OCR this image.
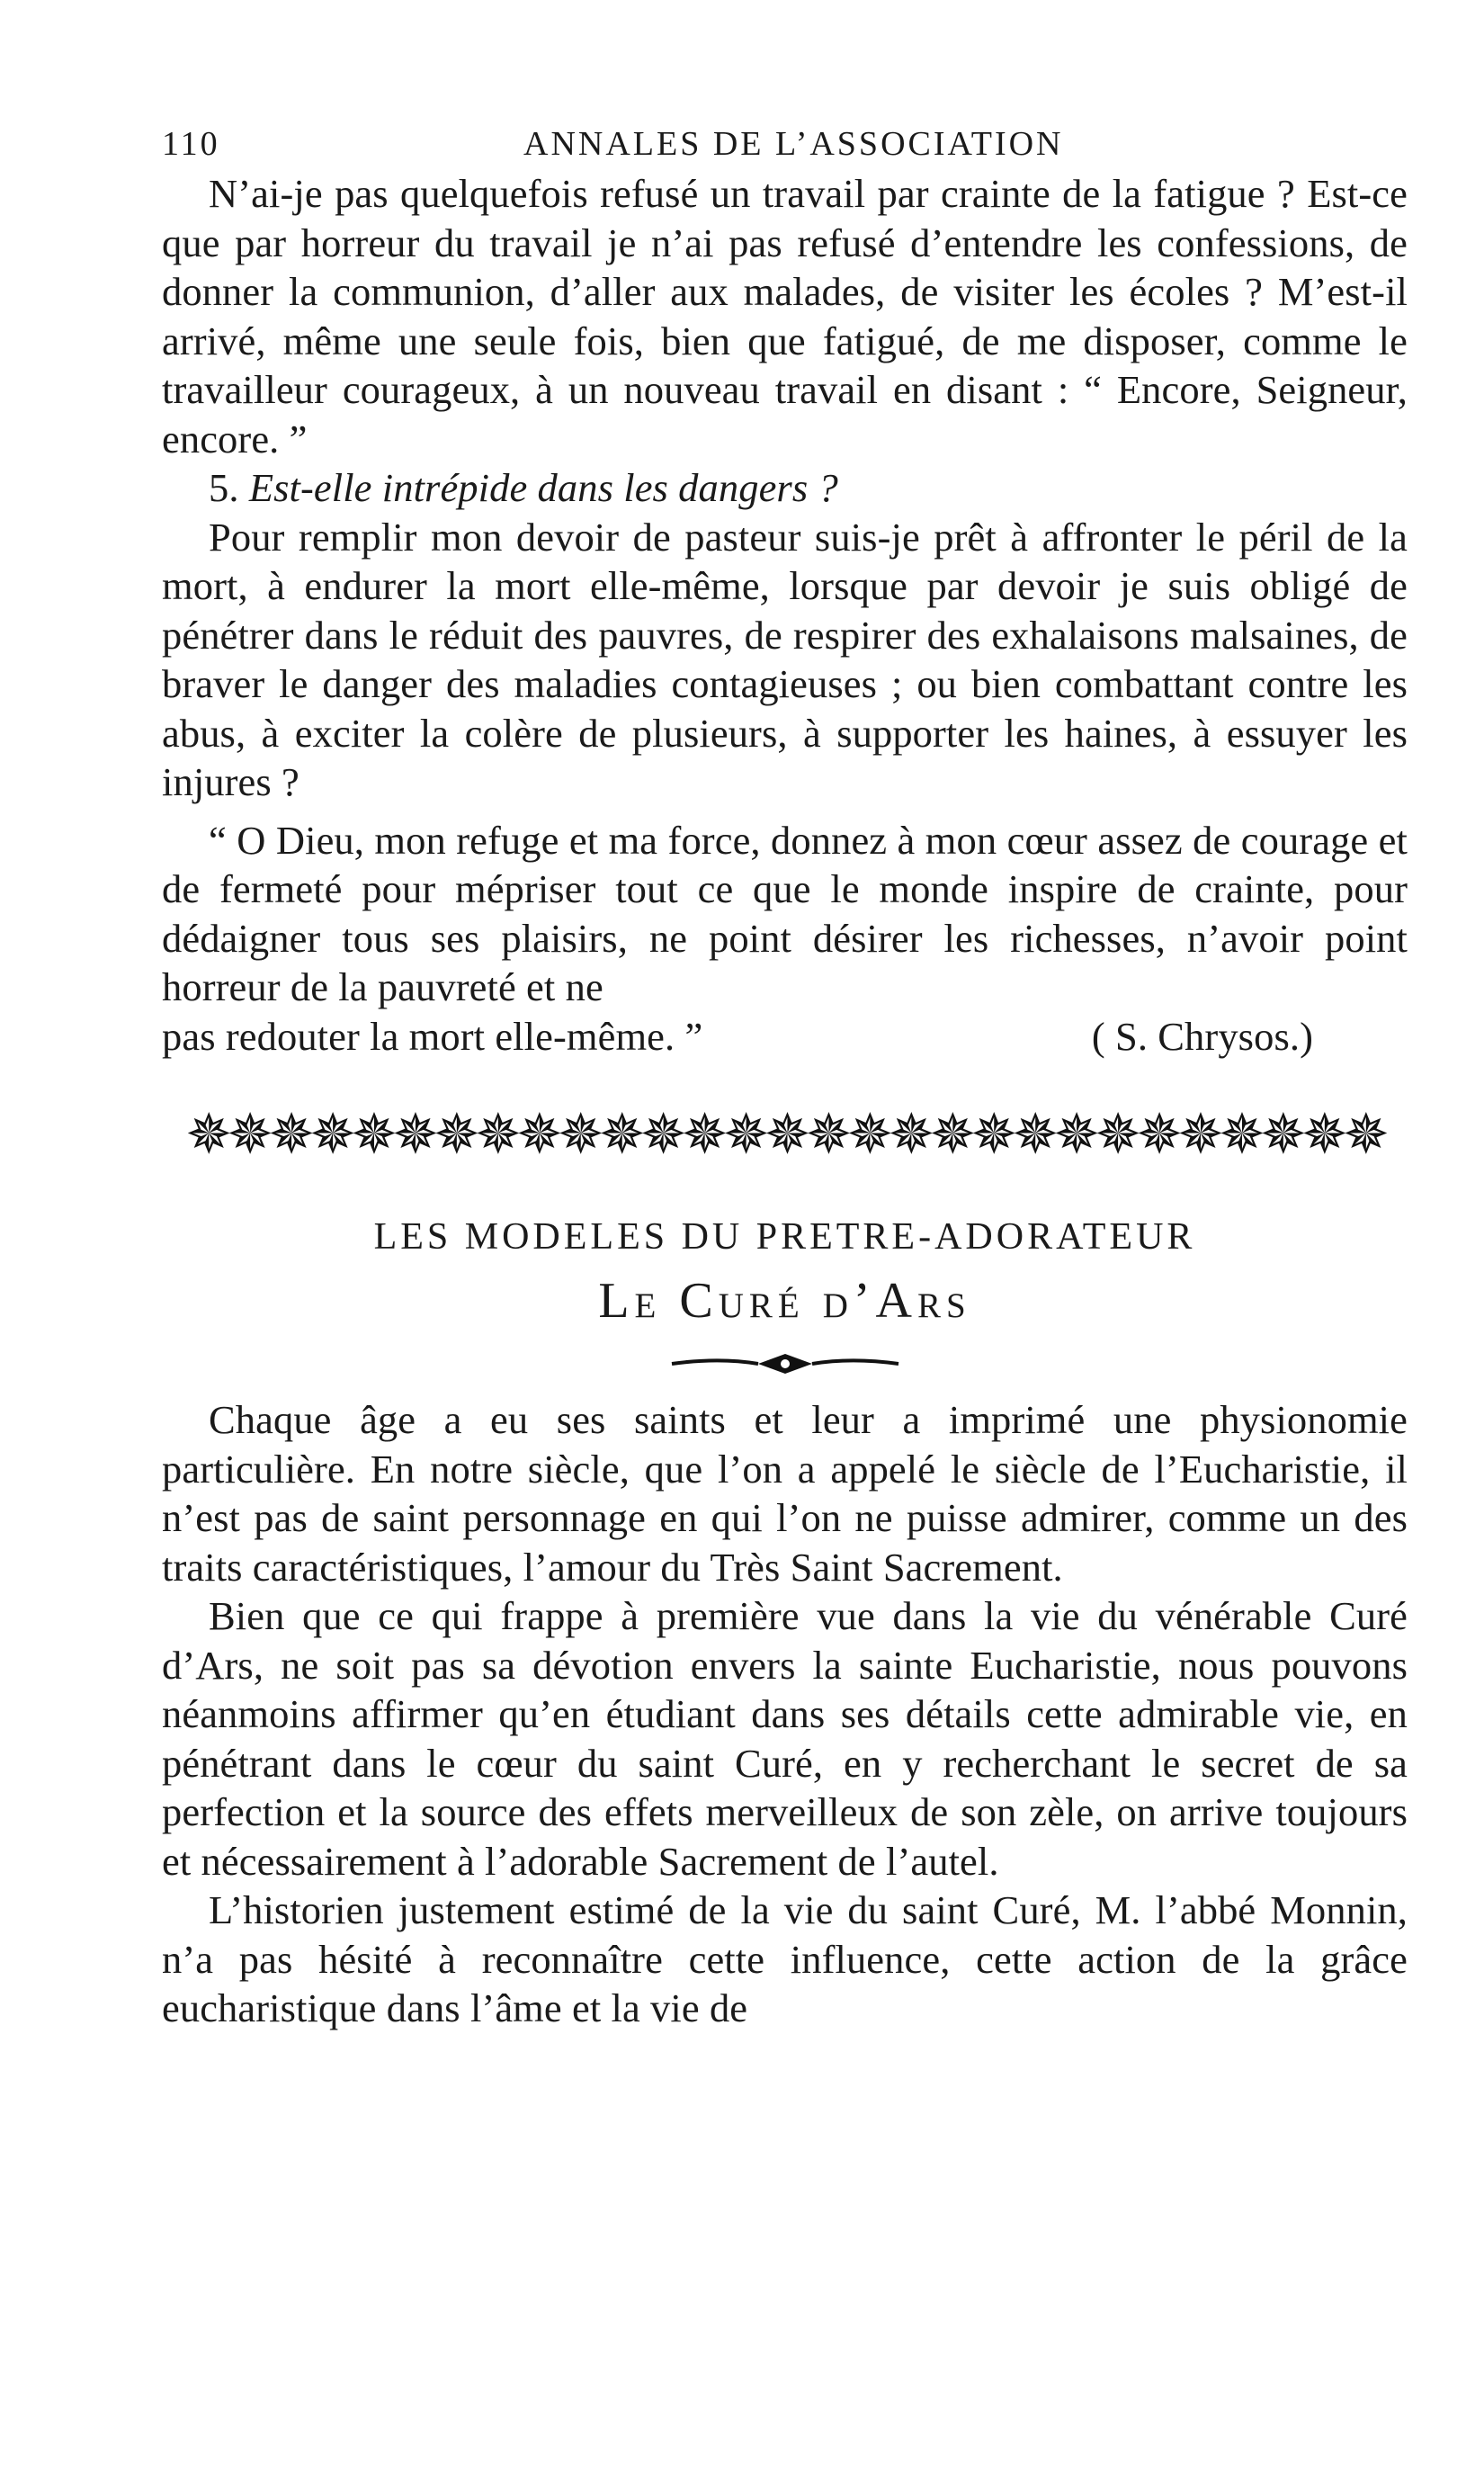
110	ANNALES DE L’ASSOCIATION

N’ai-je pas quelquefois refusé un travail par crainte de la fatigue ? Est-ce que par horreur du travail je n’ai pas refusé d’entendre les confessions, de donner la communion, d’aller aux malades, de visiter les écoles ? M’est-il arrivé, même une seule fois, bien que fatigué, de me disposer, comme le travailleur courageux, à un nouveau travail en disant : “ Encore, Seigneur, encore. ”

5. Est-elle intrépide dans les dangers ?

Pour remplir mon devoir de pasteur suis-je prêt à affronter le péril de la mort, à endurer la mort elle-même, lorsque par devoir je suis obligé de pénétrer dans le réduit des pauvres, de respirer des exhalaisons malsaines, de braver le danger des maladies contagieuses ; ou bien combattant contre les abus, à exciter la colère de plusieurs, à supporter les haines, à essuyer les injures ?

“ O Dieu, mon refuge et ma force, donnez à mon cœur assez de courage et de fermeté pour mépriser tout ce que le monde inspire de crainte, pour dédaigner tous ses plaisirs, ne point désirer les richesses, n’avoir point horreur de la pauvreté et ne

pas redouter la mort elle-même. ”	( S. Chrysos.)
✵✵✵✵✵✵✵✵✵✵✵✵✵✵✵✵✵✵✵✵✵✵✵✵✵✵✵✵✵
LES MODELES DU PRETRE-ADORATEUR
Le Curé d’Ars

Chaque âge a eu ses saints et leur a imprimé une physionomie particulière. En notre siècle, que l’on a appelé le siècle de l’Eucharistie, il n’est pas de saint personnage en qui l’on ne puisse admirer, comme un des traits caractéristiques, l’amour du Très Saint Sacrement.

Bien que ce qui frappe à première vue dans la vie du vénérable Curé d’Ars, ne soit pas sa dévotion envers la sainte Eucharistie, nous pouvons néanmoins affirmer qu’en étudiant dans ses détails cette admirable vie, en pénétrant dans le cœur du saint Curé, en y recherchant le secret de sa perfection et la source des effets merveilleux de son zèle, on arrive toujours et nécessairement à l’adorable Sacrement de l’autel.

L’historien justement estimé de la vie du saint Curé, M. l’abbé Monnin, n’a pas hésité à reconnaître cette influence, cette action de la grâce eucharistique dans l’âme et la vie de
